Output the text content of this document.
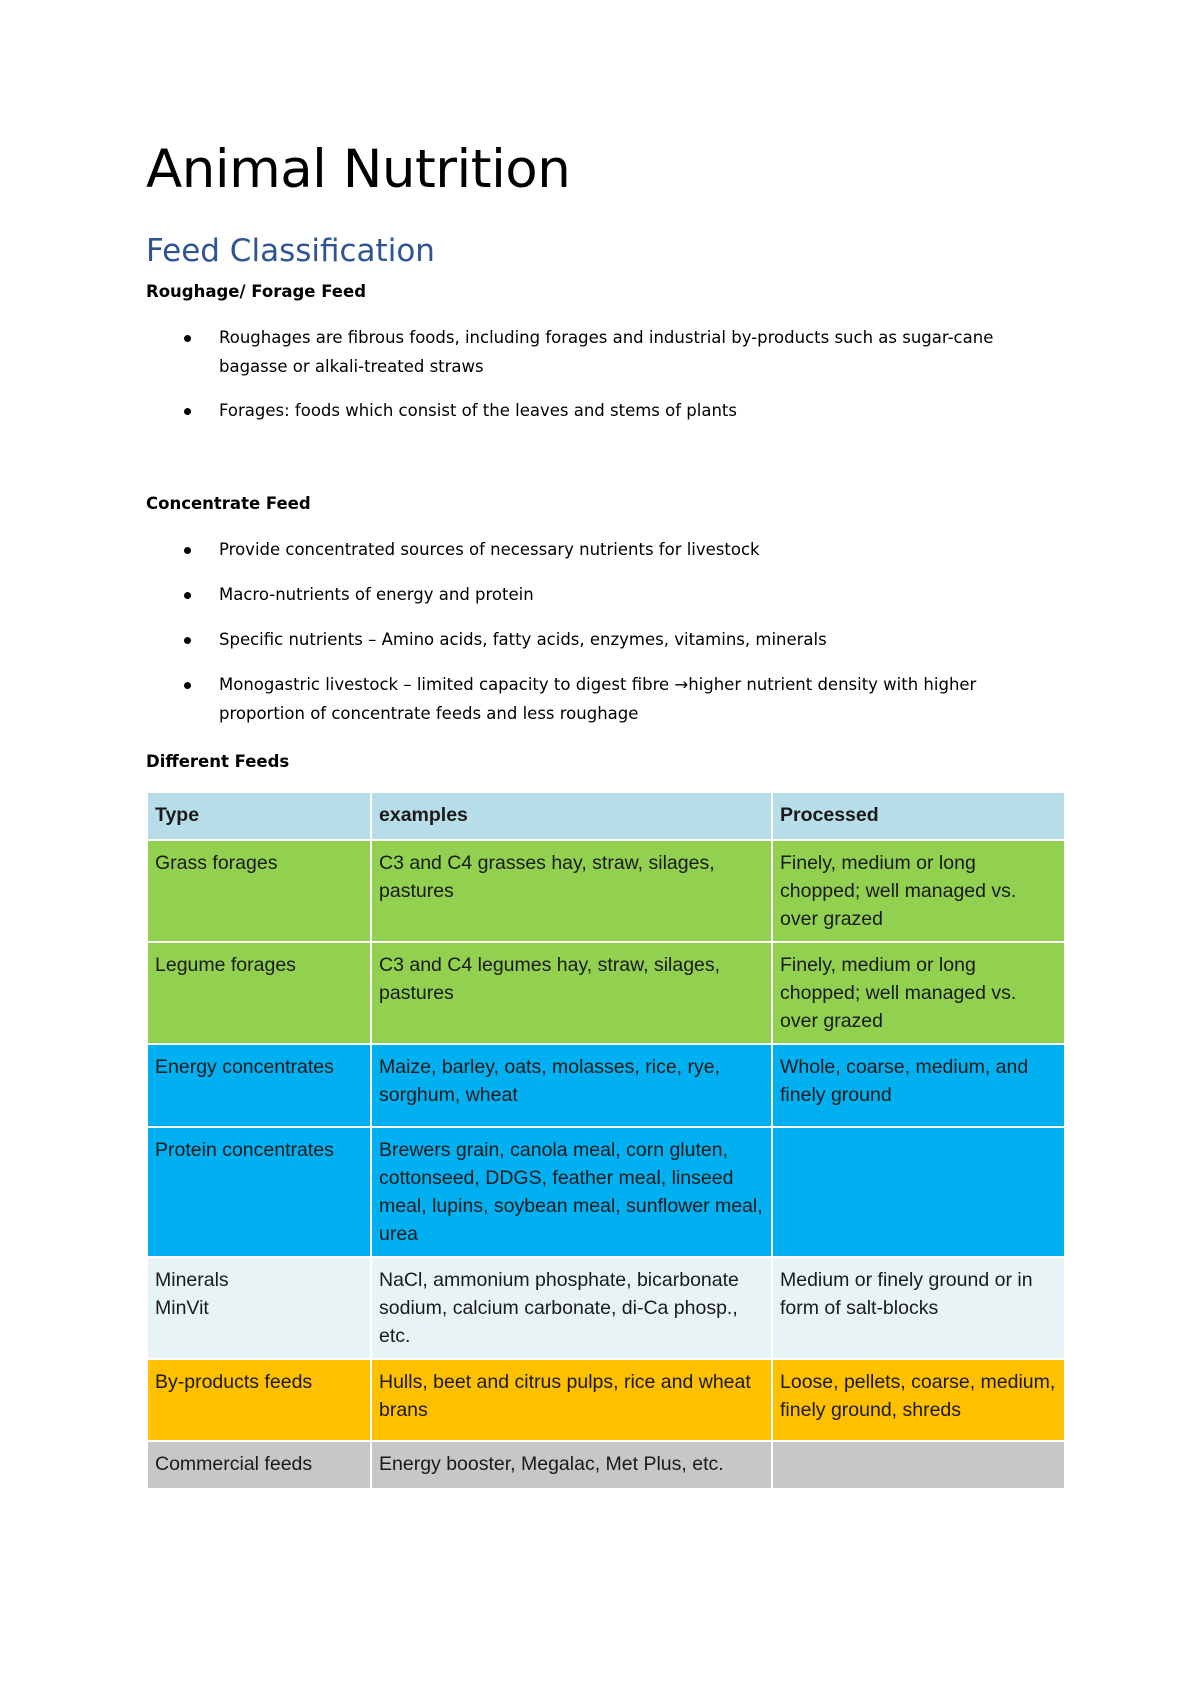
Animal Nutrition
Feed Classification
Roughage/ Forage Feed
Roughages are fibrous foods, including forages and industrial by-products such as sugar-cane bagasse or alkali-treated straws
Forages: foods which consist of the leaves and stems of plants
Concentrate Feed
Provide concentrated sources of necessary nutrients for livestock
Macro-nutrients of energy and protein
Specific nutrients – Amino acids, fatty acids, enzymes, vitamins, minerals
Monogastric livestock – limited capacity to digest fibre →higher nutrient density with higher proportion of concentrate feeds and less roughage
Different Feeds
Type	examples	Processed
Grass forages	C3 and C4 grasses hay, straw, silages, pastures	Finely, medium or long chopped; well managed vs. over grazed
Legume forages	C3 and C4 legumes hay, straw, silages, pastures	Finely, medium or long chopped; well managed vs. over grazed
Energy concentrates	Maize, barley, oats, molasses, rice, rye, sorghum, wheat	Whole, coarse, medium, and finely ground
Protein concentrates	Brewers grain, canola meal, corn gluten, cottonseed, DDGS, feather meal, linseed meal, lupins, soybean meal, sunflower meal, urea	

Minerals
MinVit	NaCl, ammonium phosphate, bicarbonate sodium, calcium carbonate, di-Ca phosp., etc.	Medium or finely ground or in form of salt-blocks
By-products feeds	Hulls, beet and citrus pulps, rice and wheat brans	Loose, pellets, coarse, medium, finely ground, shreds
Commercial feeds	Energy booster, Megalac, Met Plus, etc.	
